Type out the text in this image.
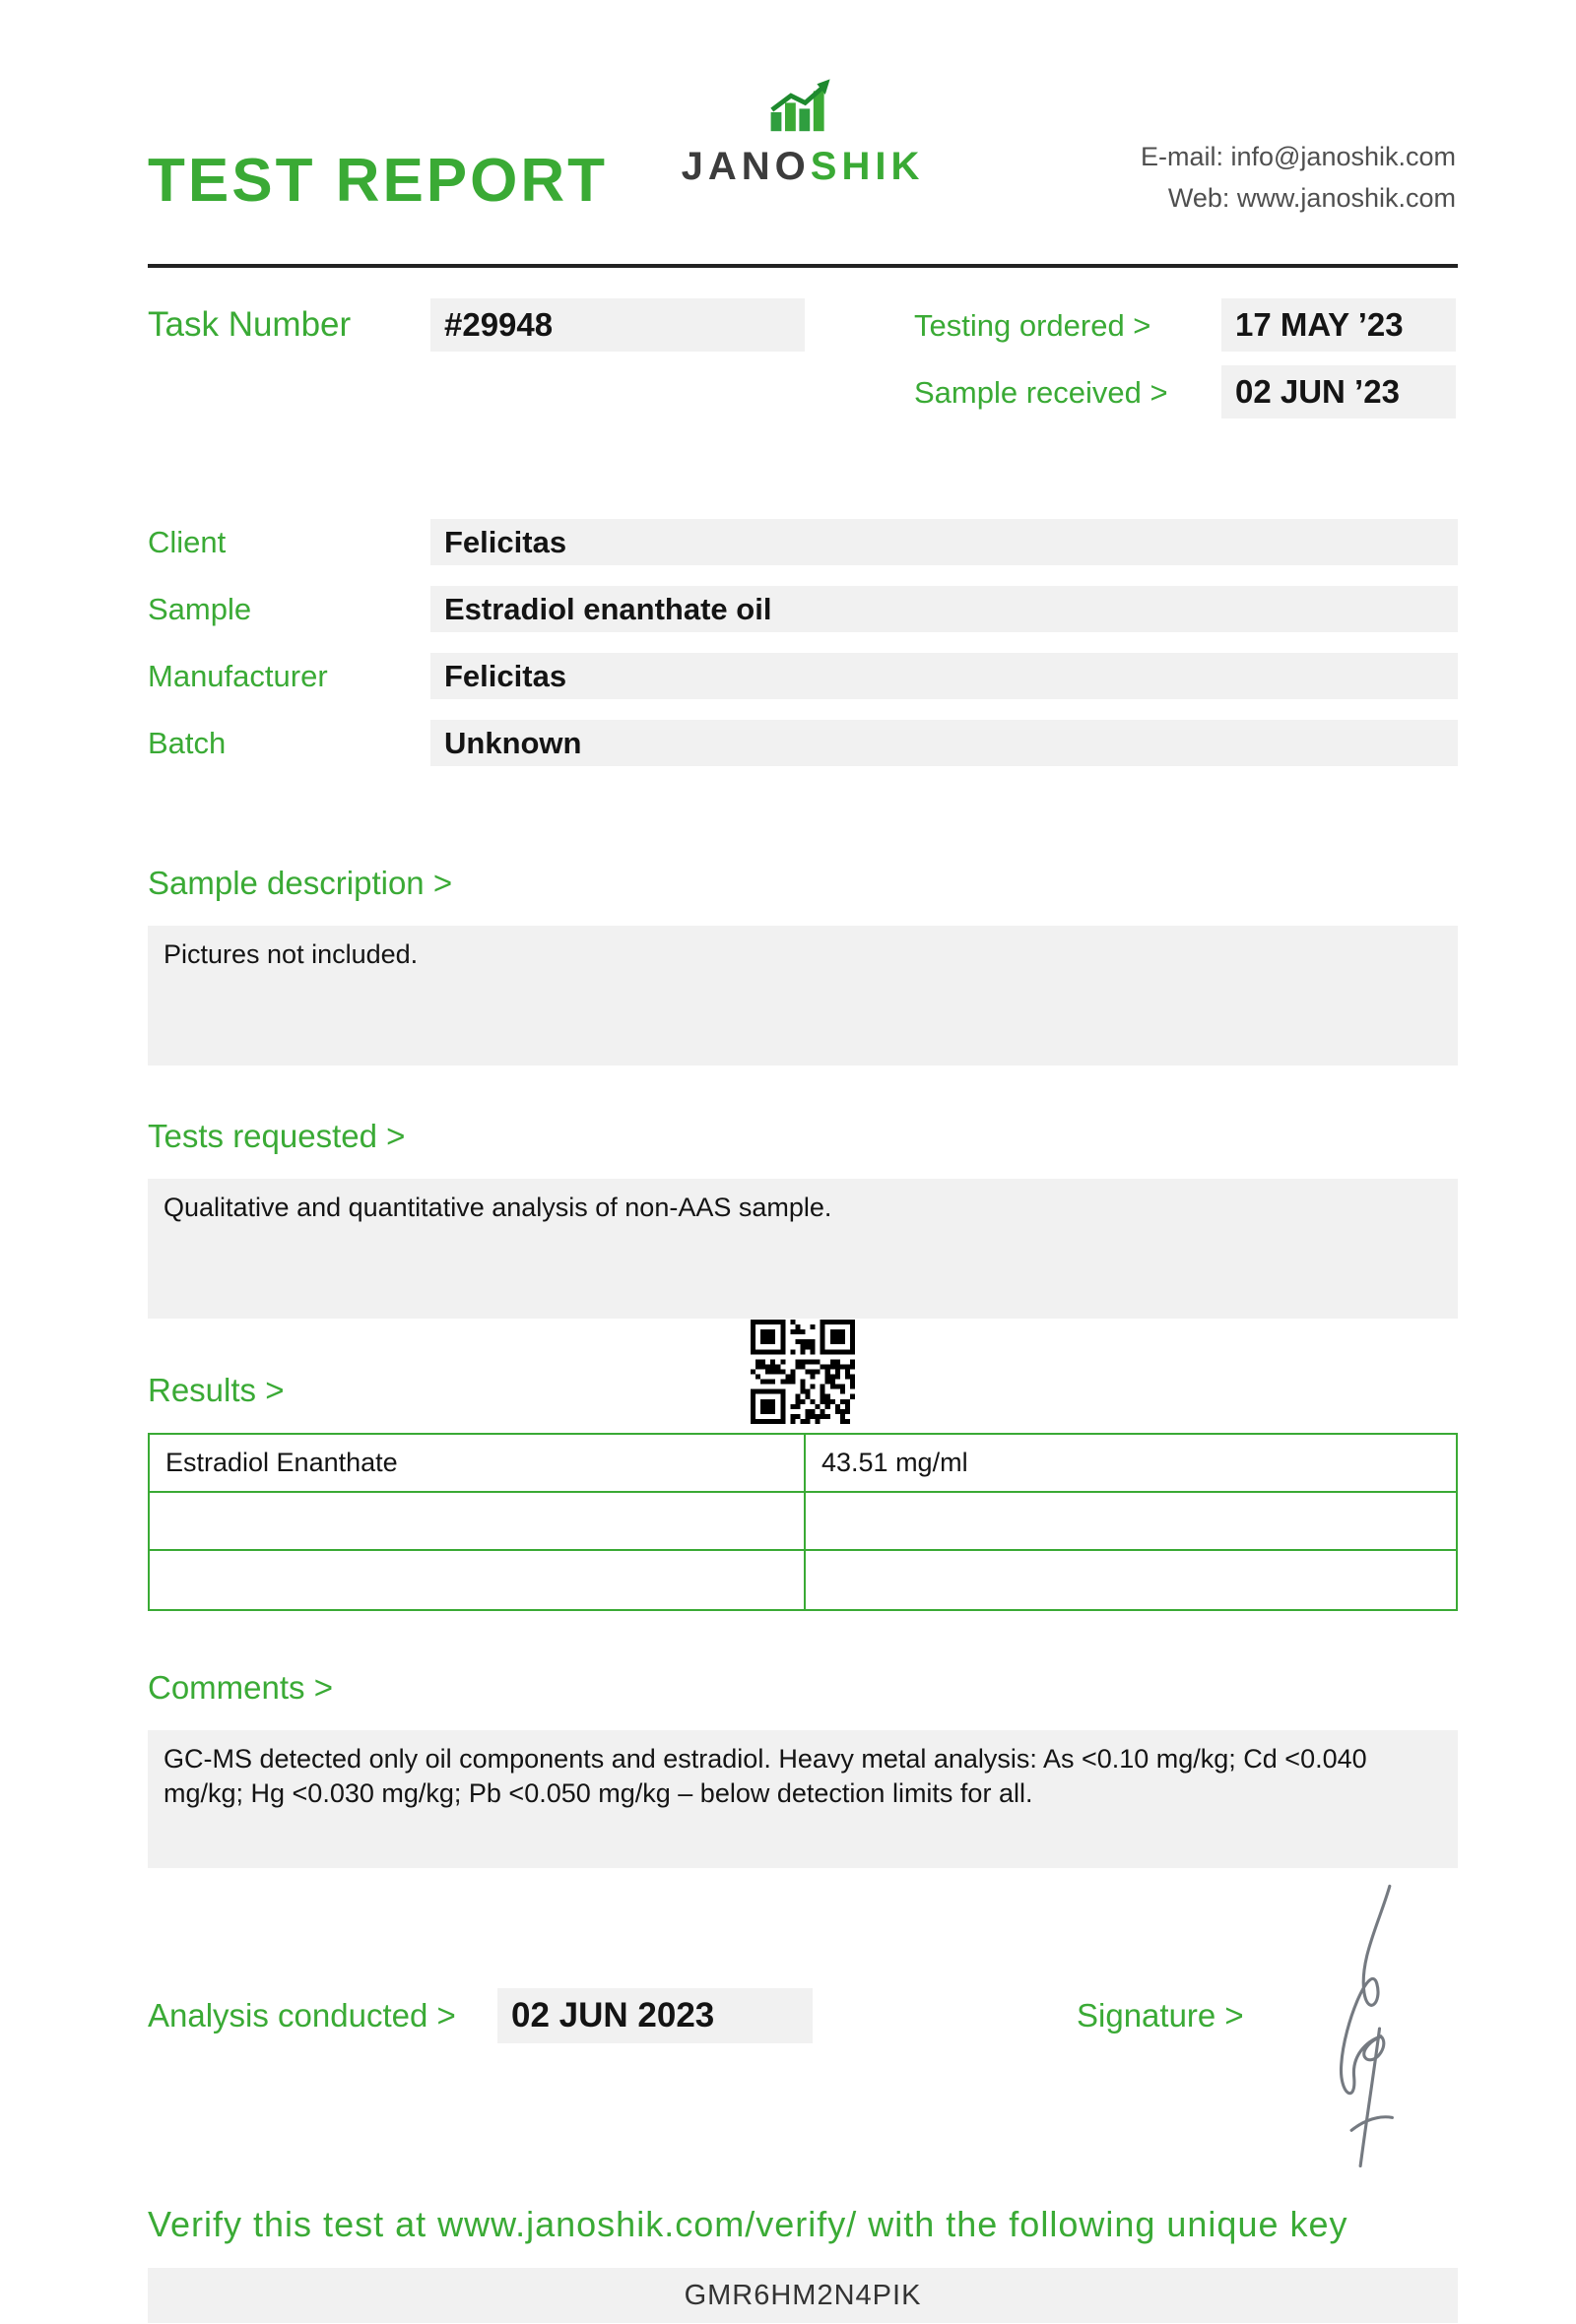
TEST REPORT JANOSHIK	E-mail: info@janoshik.com
Web: www.janoshik.com
Task Number	#29948	Testing ordered >	17 MAY ’23
Sample received >	02 JUN ’23
Client	Felicitas
Sample	Estradiol enanthate oil
Manufacturer	Felicitas
Batch	Unknown
Sample description >
Pictures not included.
Tests requested >
Qualitative and quantitative analysis of non-AAS sample.
Results >
Estradiol Enanthate	43.51 mg/ml
Comments >
GC-MS detected only oil components and estradiol. Heavy metal analysis: As <0.10 mg/kg; Cd <0.040 mg/kg; Hg <0.030 mg/kg; Pb <0.050 mg/kg – below detection limits for all.
Analysis conducted >	02 JUN 2023	Signature >
Verify this test at www.janoshik.com/verify/ with the following unique key
GMR6HM2N4PIK
